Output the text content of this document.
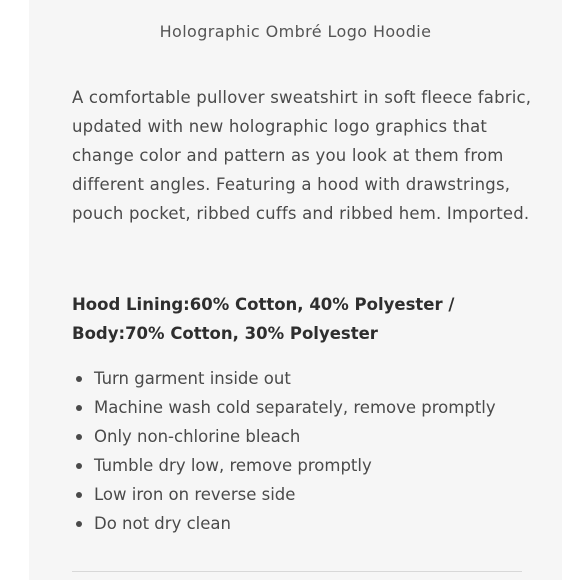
Holographic Ombré Logo Hoodie
A comfortable pullover sweatshirt in soft fleece fabric, updated with new holographic logo graphics that change color and pattern as you look at them from different angles. Featuring a hood with drawstrings, pouch pocket, ribbed cuffs and ribbed hem. Imported.
Hood Lining:60% Cotton, 40% Polyester / Body:70% Cotton, 30% Polyester
Turn garment inside out
Machine wash cold separately, remove promptly
Only non-chlorine bleach
Tumble dry low, remove promptly
Low iron on reverse side
Do not dry clean
